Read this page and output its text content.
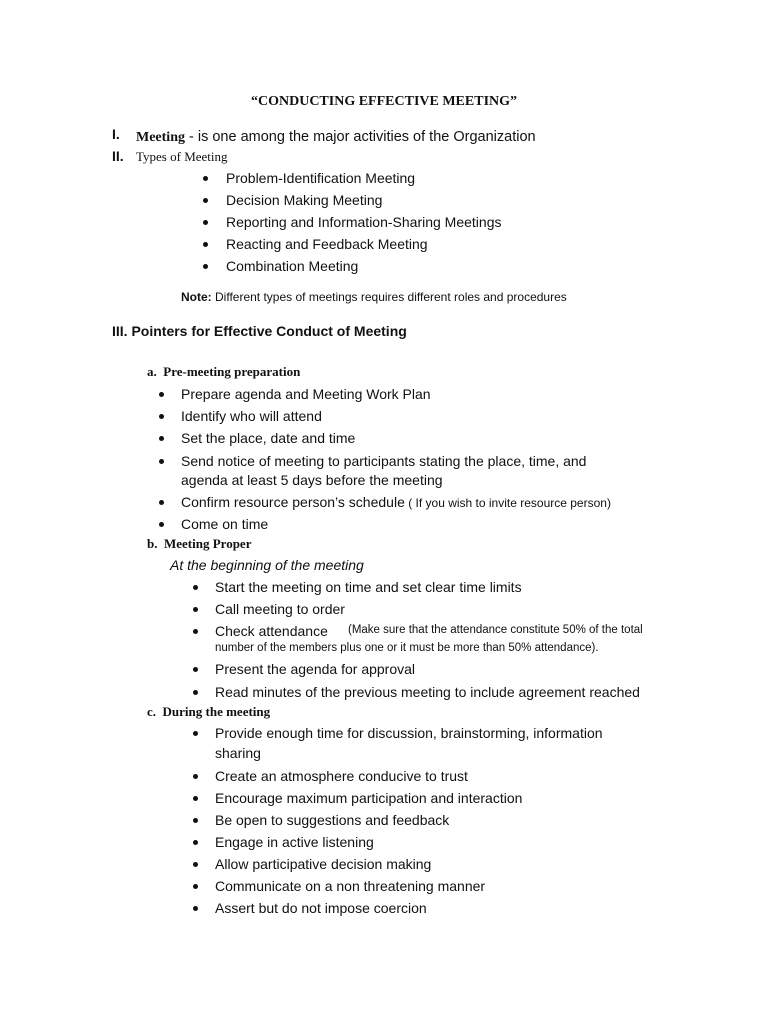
“CONDUCTING EFFECTIVE MEETING”
I. Meeting - is one among the major activities of the Organization
II. Types of Meeting
Problem-Identification Meeting
Decision Making Meeting
Reporting and Information-Sharing Meetings
Reacting and Feedback Meeting
Combination Meeting
Note: Different types of meetings requires different roles and procedures
III. Pointers for Effective Conduct of Meeting
a. Pre-meeting preparation
Prepare agenda and Meeting Work Plan
Identify who will attend
Set the place, date and time
Send notice of meeting to participants stating the place, time, and
agenda at least 5 days before the meeting
Confirm resource person’s schedule ( If you wish to invite resource person)
Come on time
b. Meeting Proper
At the beginning of the meeting
Start the meeting on time and set clear time limits
Call meeting to order
Check attendance (Make sure that the attendance constitute 50% of the total
number of the members plus one or it must be more than 50% attendance).
Present the agenda for approval
Read minutes of the previous meeting to include agreement reached
c. During the meeting
Provide enough time for discussion, brainstorming, information
sharing
Create an atmosphere conducive to trust
Encourage maximum participation and interaction
Be open to suggestions and feedback
Engage in active listening
Allow participative decision making
Communicate on a non threatening manner
Assert but do not impose coercion
